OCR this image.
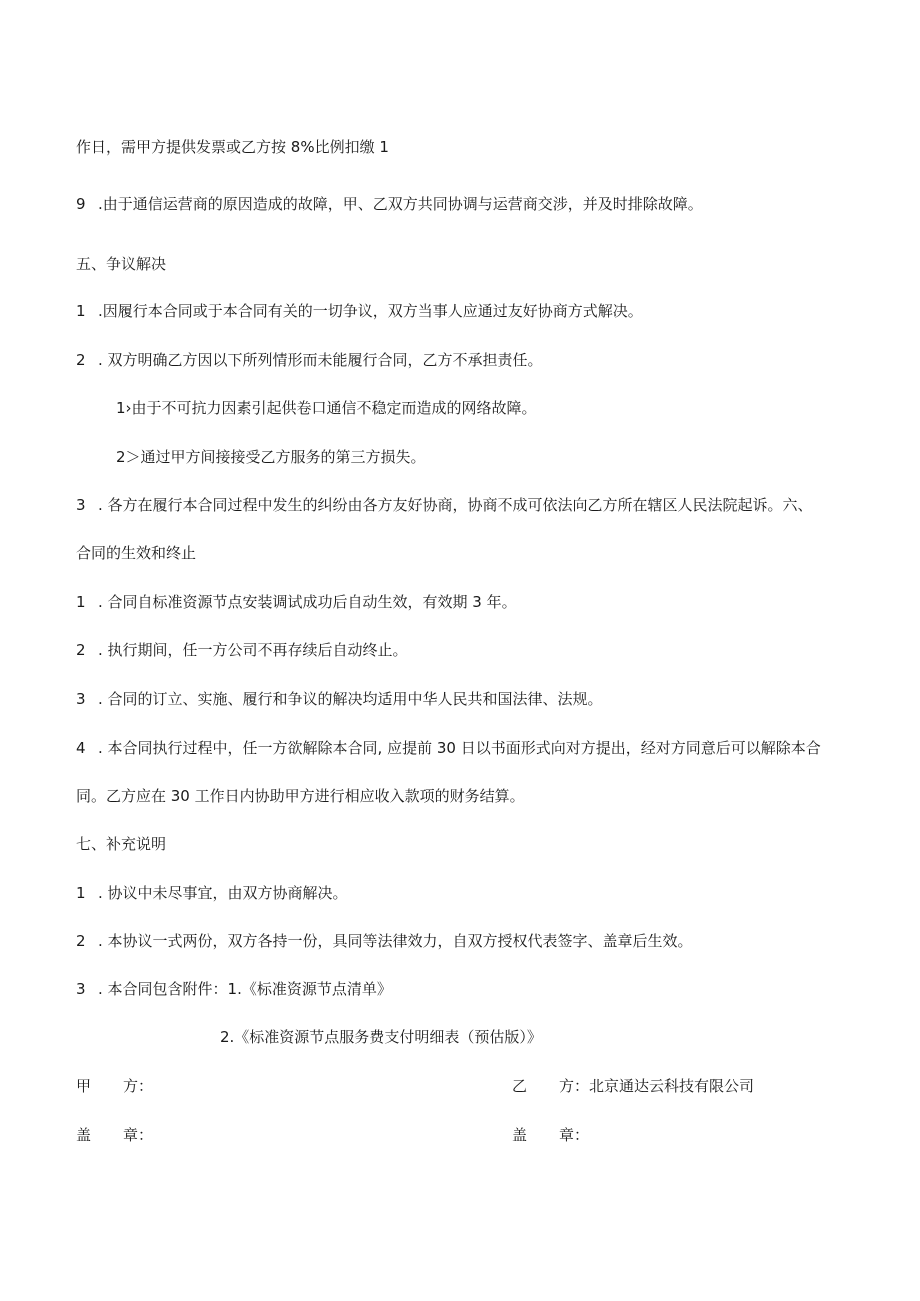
作日，需甲方提供发票或乙方按 8%比例扣缴 1

9 .由于通信运营商的原因造成的故障，甲、乙双方共同协调与运营商交涉，并及时排除故障。

五、争议解决

1 .因履行本合同或于本合同有关的一切争议，双方当事人应通过友好协商方式解决。

2 . 双方明确乙方因以下所列情形而未能履行合同，乙方不承担责任。

1›由于不可抗力因素引起供卷口通信不稳定而造成的网络故障。

2＞通过甲方间接接受乙方服务的第三方损失。

3 . 各方在履行本合同过程中发生的纠纷由各方友好协商，协商不成可依法向乙方所在辖区人民法院起诉。六、

合同的生效和终止

1 . 合同自标准资源节点安装调试成功后自动生效，有效期 3 年。

2 . 执行期间，任一方公司不再存续后自动终止。

3 . 合同的订立、实施、履行和争议的解决均适用中华人民共和国法律、法规。

4 . 本合同执行过程中，任一方欲解除本合同, 应提前 30 日以书面形式向对方提出，经对方同意后可以解除本合

同。乙方应在 30 工作日内协助甲方进行相应收入款项的财务结算。

七、补充说明

1 . 协议中未尽事宜，由双方协商解决。

2 . 本协议一式两份，双方各持一份，具同等法律效力，自双方授权代表签字、盖章后生效。

3 . 本合同包含附件：1.《标准资源节点清单》

2.《标准资源节点服务费支付明细表（预估版）》

甲 方：	乙 方：北京通达云科技有限公司
盖 章：	盖 章：
